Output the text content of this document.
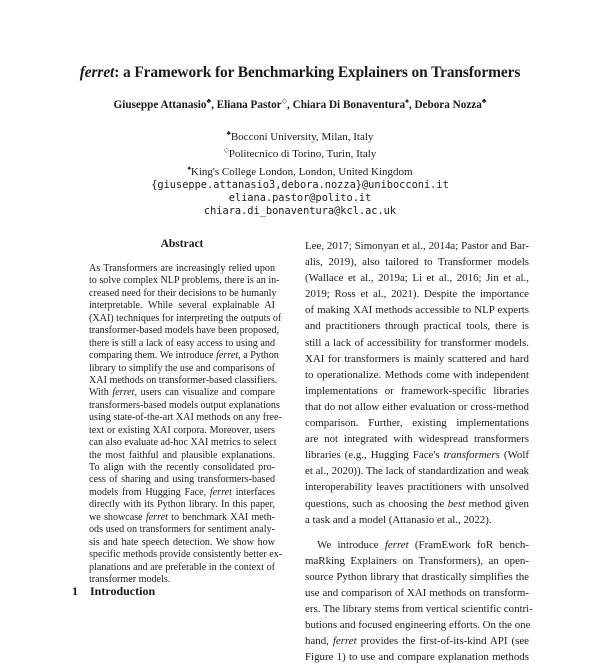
ferret: a Framework for Benchmarking Explainers on Transformers
Giuseppe Attanasio♣, Eliana Pastor◇, Chiara Di Bonaventura♠, Debora Nozza♣
♣Bocconi University, Milan, Italy
◇Politecnico di Torino, Turin, Italy
♠King's College London, London, United Kingdom
{giuseppe.attanasio3,debora.nozza}@unibocconi.it
eliana.pastor@polito.it
chiara.di_bonaventura@kcl.ac.uk
Abstract
As Transformers are increasingly relied upon
to solve complex NLP problems, there is an in-
creased need for their decisions to be humanly
interpretable. While several explainable AI
(XAI) techniques for interpreting the outputs of
transformer-based models have been proposed,
there is still a lack of easy access to using and
comparing them. We introduce ferret, a Python
library to simplify the use and comparisons of
XAI methods on transformer-based classifiers.
With ferret, users can visualize and compare
transformers-based models output explanations
using state-of-the-art XAI methods on any free-
text or existing XAI corpora. Moreover, users
can also evaluate ad-hoc XAI metrics to select
the most faithful and plausible explanations.
To align with the recently consolidated pro-
cess of sharing and using transformers-based
models from Hugging Face, ferret interfaces
directly with its Python library. In this paper,
we showcase ferret to benchmark XAI meth-
ods used on transformers for sentiment analy-
sis and hate speech detection. We show how
specific methods provide consistently better ex-
planations and are preferable in the context of
transformer models.
Lee, 2017; Simonyan et al., 2014a; Pastor and Bar-
alis, 2019), also tailored to Transformer models
(Wallace et al., 2019a; Li et al., 2016; Jin et al.,
2019; Ross et al., 2021). Despite the importance
of making XAI methods accessible to NLP experts
and practitioners through practical tools, there is
still a lack of accessibility for transformer models.
XAI for transformers is mainly scattered and hard
to operationalize. Methods come with independent
implementations or framework-specific libraries
that do not allow either evaluation or cross-method
comparison. Further, existing implementations
are not integrated with widespread transformers
libraries (e.g., Hugging Face's transformers (Wolf
et al., 2020)). The lack of standardization and weak
interoperability leaves practitioners with unsolved
questions, such as choosing the best method given
a task and a model (Attanasio et al., 2022).
We introduce ferret (FramEwork foR bench-
maRking Explainers on Transformers), an open-
source Python library that drastically simplifies the
use and comparison of XAI methods on transform-
ers. The library stems from vertical scientific contri-
butions and focused engineering efforts. On the one
hand, ferret provides the first-of-its-kind API (see
Figure 1) to use and compare explanation methods
1 Introduction
